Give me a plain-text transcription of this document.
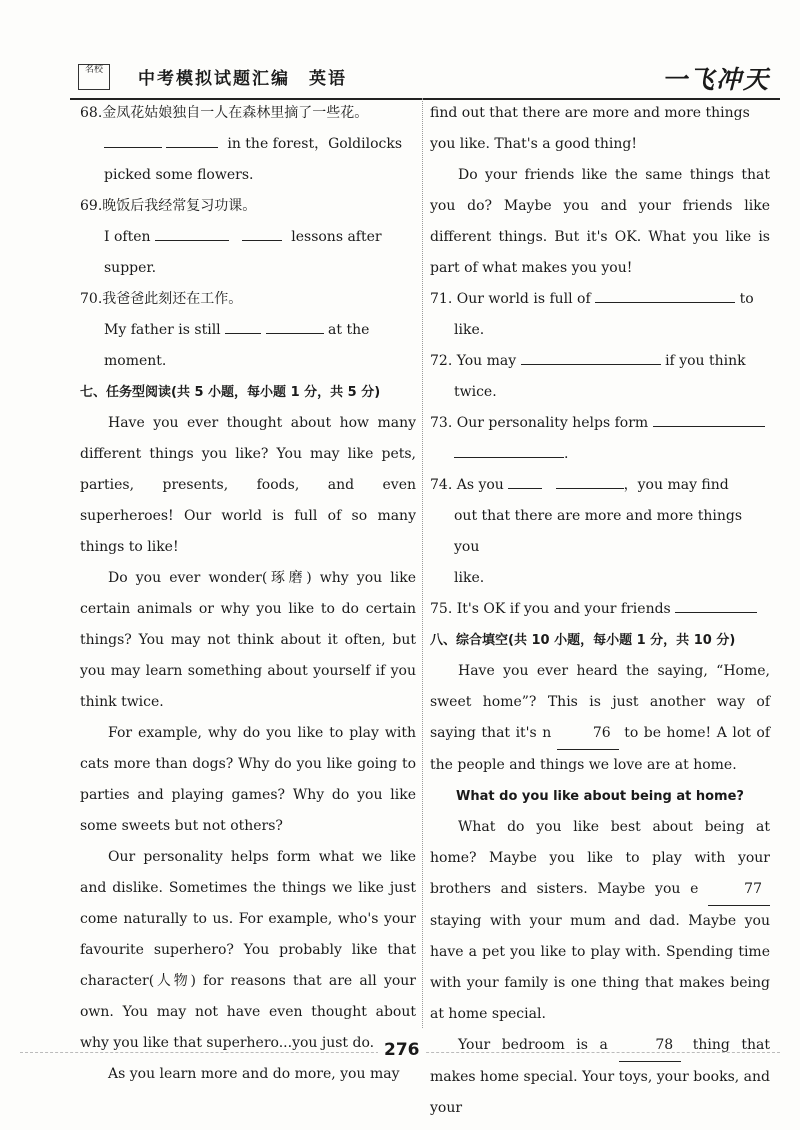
名校	中考模拟试题汇编　英语	一飞冲天

68.金凤花姑娘独自一人在森林里摘了一些花。

in the forest，Goldilocks

picked some flowers.

69.晚饭后我经常复习功课。

I often	lessons after

supper.

70.我爸爸此刻还在工作。

My father is still	at the

moment.

七、任务型阅读(共 5 小题，每小题 1 分，共 5 分)

Have you ever thought about how many different things you like? You may like pets, parties, presents, foods, and even superheroes! Our world is full of so many things to like!

Do you ever wonder(琢磨) why you like certain animals or why you like to do certain things? You may not think about it often, but you may learn something about yourself if you think twice.

For example, why do you like to play with cats more than dogs? Why do you like going to parties and playing games? Why do you like some sweets but not others?

Our personality helps form what we like and dislike. Sometimes the things we like just come naturally to us. For example, who's your favourite superhero? You probably like that character(人物) for reasons that are all your own. You may not have even thought about why you like that superhero...you just do.

As you learn more and do more, you may

find out that there are more and more things you like. That's a good thing!

Do your friends like the same things that you do? Maybe you and your friends like different things. But it's OK. What you like is part of what makes you you!

71. Our world is full of	to

like.

72. You may	if you think

twice.

73. Our personality helps form

.

74. As you	，you may find

out that there are more and more things you

like.

75. It's OK if you and your friends

八、综合填空(共 10 小题，每小题 1 分，共 10 分)

Have you ever heard the saying, “Home, sweet home”? This is just another way of saying that it's n	76 to be home! A lot of the people and things we love are at home.

What do you like about being at home?

What do you like best about being at home? Maybe you like to play with your brothers and sisters. Maybe you e	77 staying with your mum and dad. Maybe you have a pet you like to play with. Spending time with your family is one thing that makes being at home special.

Your bedroom is a	78 thing that makes home special. Your toys, your books, and your

276
